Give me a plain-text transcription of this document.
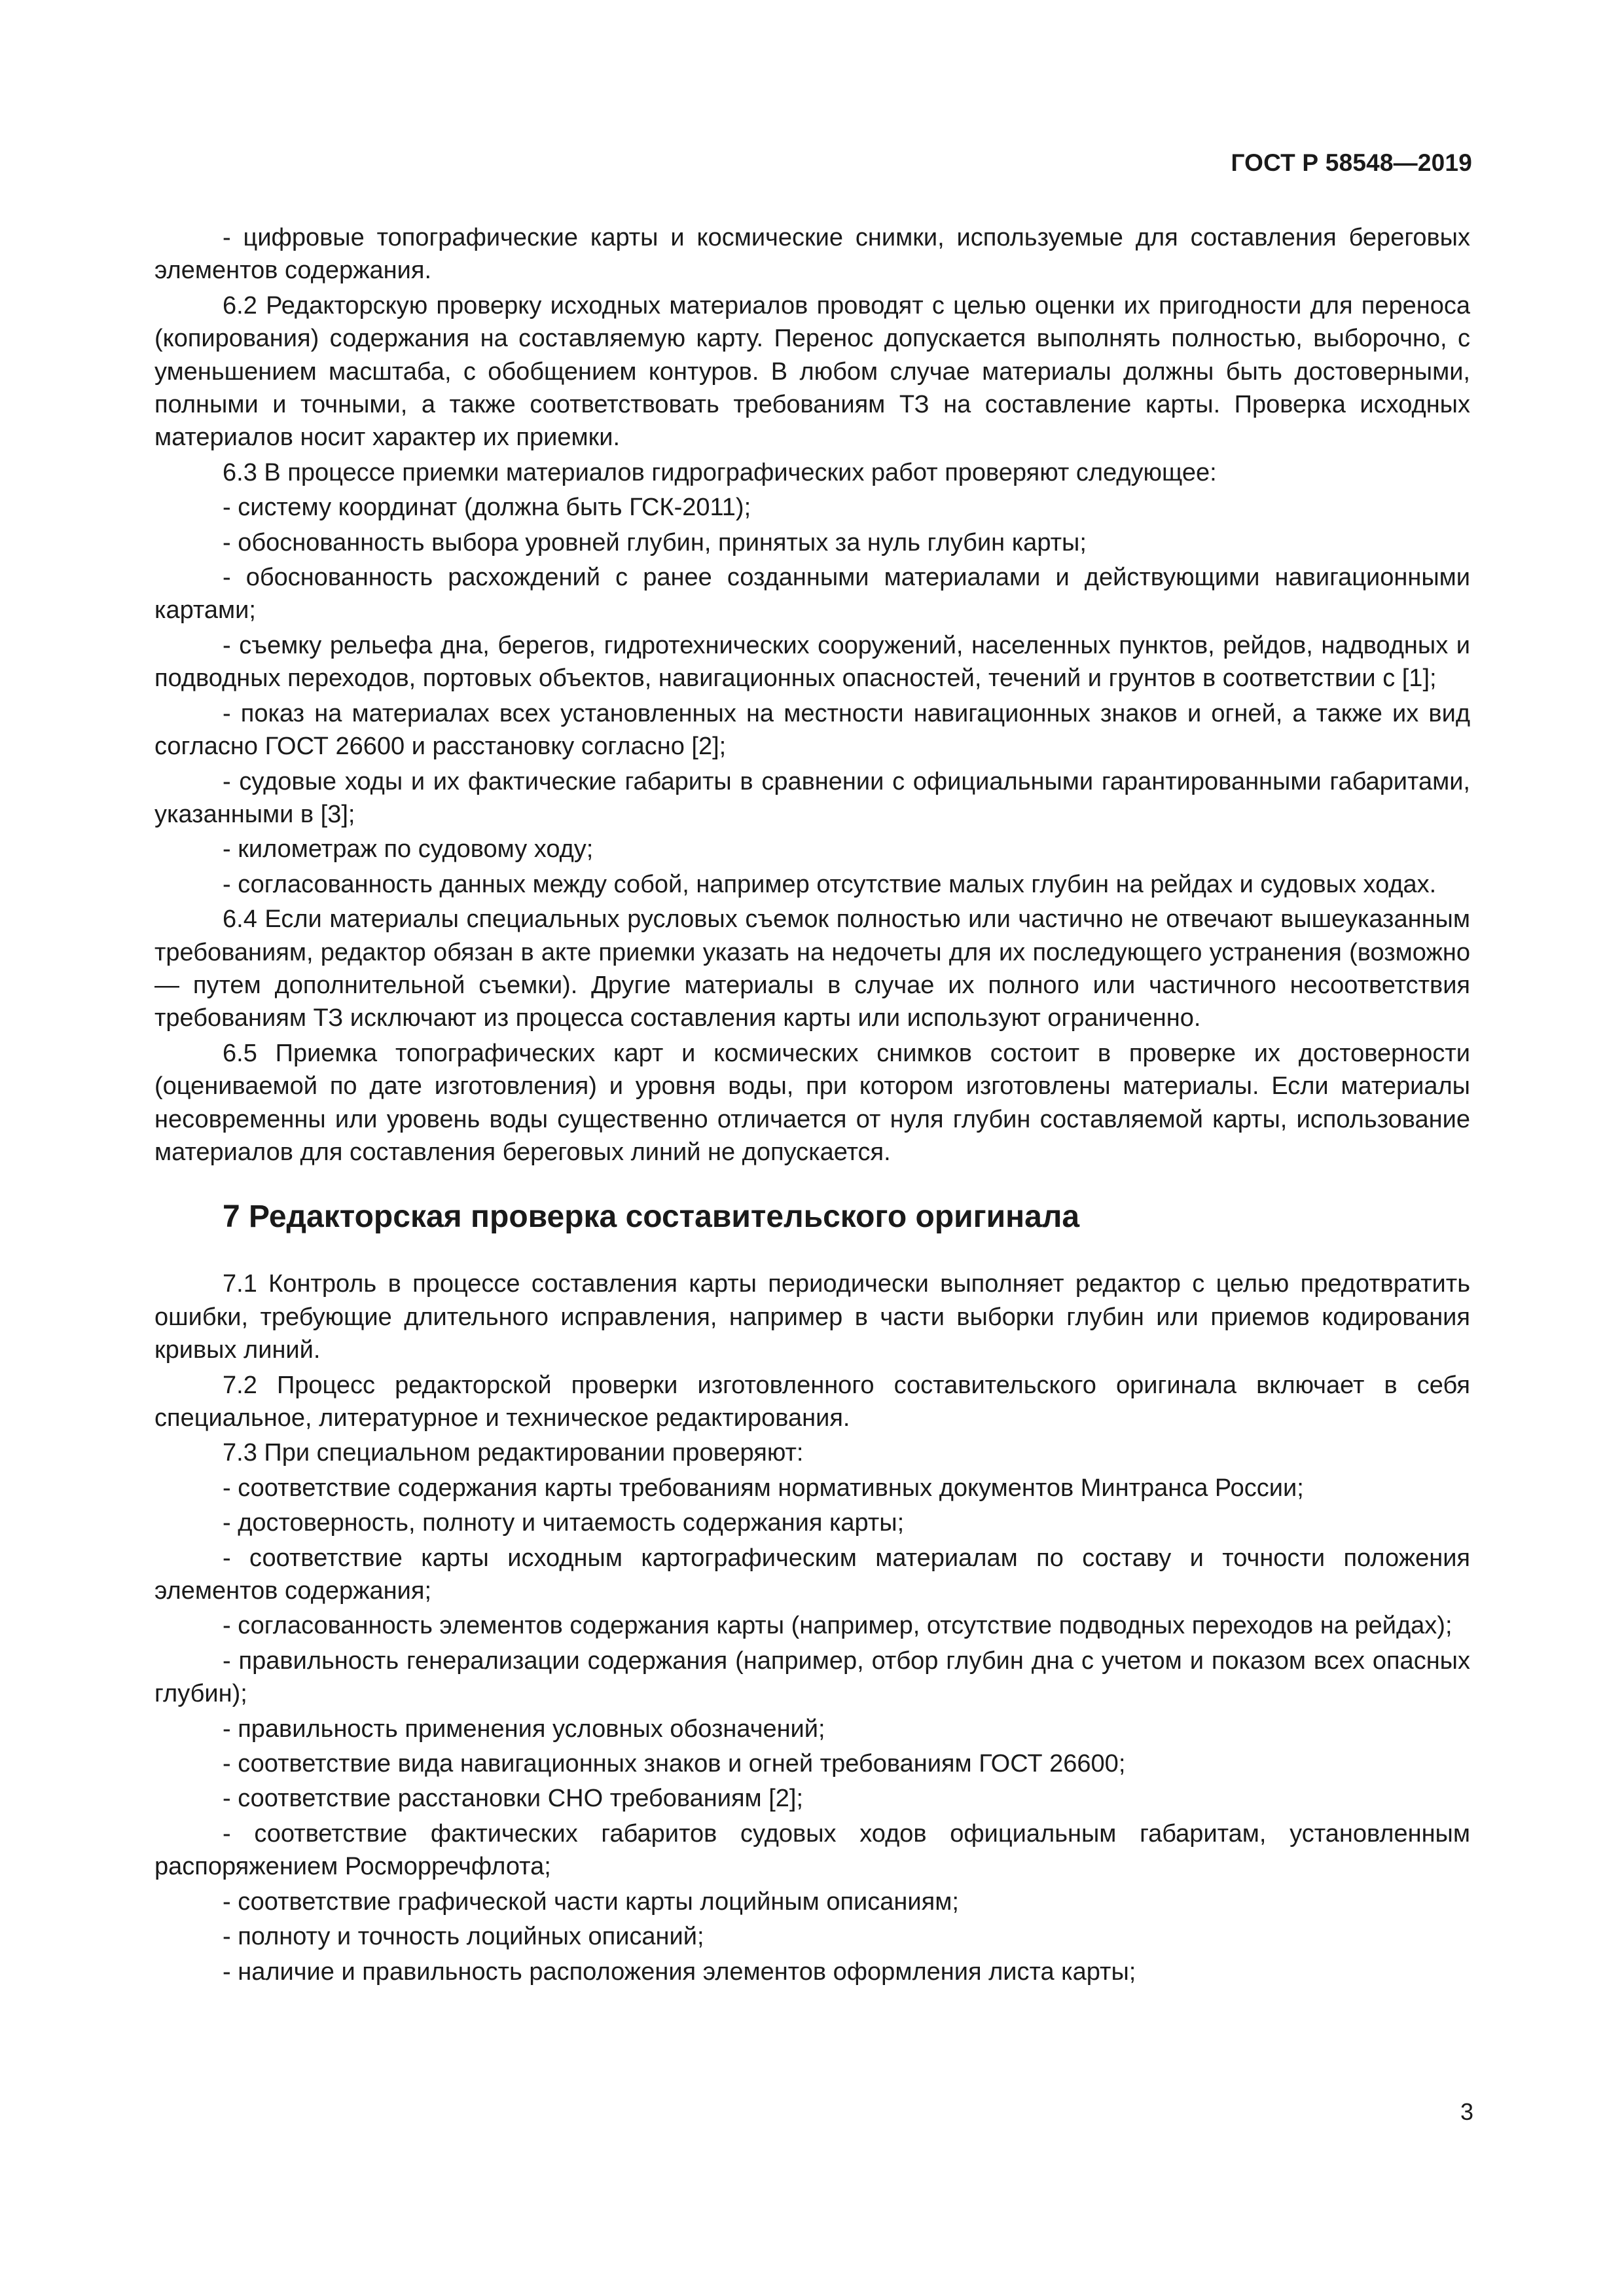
ГОСТ Р 58548—2019

- цифровые топографические карты и космические снимки, используемые для составления береговых элементов содержания.

6.2 Редакторскую проверку исходных материалов проводят с целью оценки их пригодности для переноса (копирования) содержания на составляемую карту. Перенос допускается выполнять полностью, выборочно, с уменьшением масштаба, с обобщением контуров. В любом случае материалы должны быть достоверными, полными и точными, а также соответствовать требованиям ТЗ на составление карты. Проверка исходных материалов носит характер их приемки.

6.3 В процессе приемки материалов гидрографических работ проверяют следующее:

- систему координат (должна быть ГСК-2011);

- обоснованность выбора уровней глубин, принятых за нуль глубин карты;

- обоснованность расхождений с ранее созданными материалами и действующими навигационными картами;

- съемку рельефа дна, берегов, гидротехнических сооружений, населенных пунктов, рейдов, надводных и подводных переходов, портовых объектов, навигационных опасностей, течений и грунтов в соответствии с [1];

- показ на материалах всех установленных на местности навигационных знаков и огней, а также их вид согласно ГОСТ 26600 и расстановку согласно [2];

- судовые ходы и их фактические габариты в сравнении с официальными гарантированными габаритами, указанными в [3];

- километраж по судовому ходу;

- согласованность данных между собой, например отсутствие малых глубин на рейдах и судовых ходах.

6.4 Если материалы специальных русловых съемок полностью или частично не отвечают вышеуказанным требованиям, редактор обязан в акте приемки указать на недочеты для их последующего устранения (возможно — путем дополнительной съемки). Другие материалы в случае их полного или частичного несоответствия требованиям ТЗ исключают из процесса составления карты или используют ограниченно.

6.5 Приемка топографических карт и космических снимков состоит в проверке их достоверности (оцениваемой по дате изготовления) и уровня воды, при котором изготовлены материалы. Если материалы несовременны или уровень воды существенно отличается от нуля глубин составляемой карты, использование материалов для составления береговых линий не допускается.

7 Редакторская проверка составительского оригинала

7.1 Контроль в процессе составления карты периодически выполняет редактор с целью предотвратить ошибки, требующие длительного исправления, например в части выборки глубин или приемов кодирования кривых линий.

7.2 Процесс редакторской проверки изготовленного составительского оригинала включает в себя специальное, литературное и техническое редактирования.

7.3 При специальном редактировании проверяют:

- соответствие содержания карты требованиям нормативных документов Минтранса России;

- достоверность, полноту и читаемость содержания карты;

- соответствие карты исходным картографическим материалам по составу и точности положения элементов содержания;

- согласованность элементов содержания карты (например, отсутствие подводных переходов на рейдах);

- правильность генерализации содержания (например, отбор глубин дна с учетом и показом всех опасных глубин);

- правильность применения условных обозначений;

- соответствие вида навигационных знаков и огней требованиям ГОСТ 26600;

- соответствие расстановки СНО требованиям [2];

- соответствие фактических габаритов судовых ходов официальным габаритам, установленным распоряжением Росморречфлота;

- соответствие графической части карты лоцийным описаниям;

- полноту и точность лоцийных описаний;

- наличие и правильность расположения элементов оформления листа карты;

3
